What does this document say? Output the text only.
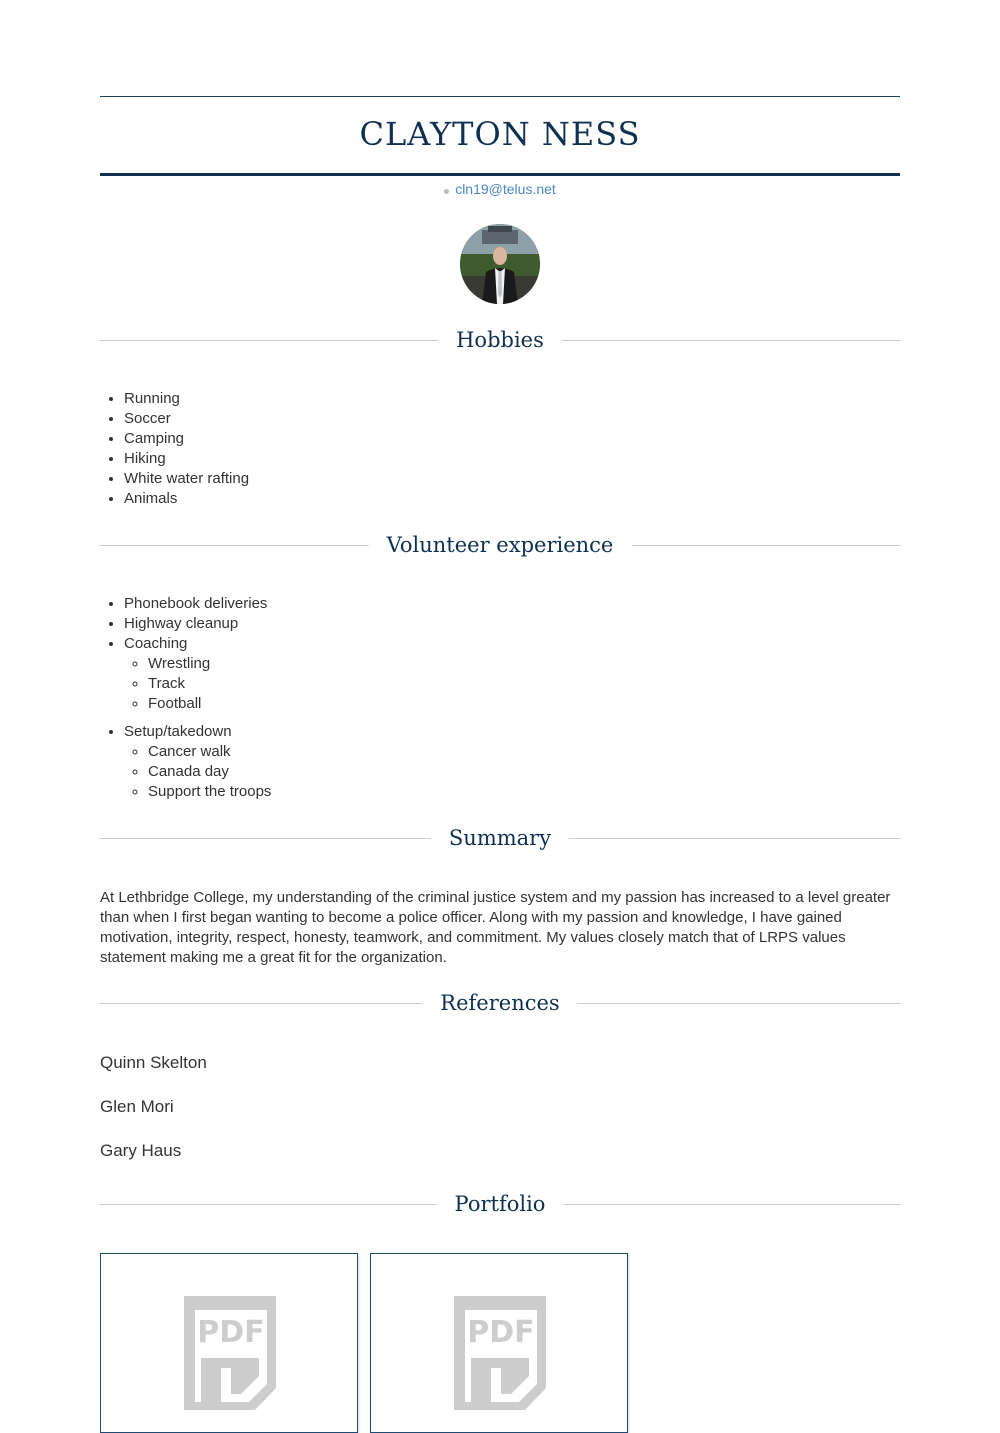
CLAYTON NESS
cln19@telus.net
Hobbies
• Running
• Soccer
• Camping
• Hiking
• White water rafting
• Animals
Volunteer experience
• Phonebook deliveries
• Highway cleanup
• Coaching
◦ Wrestling
◦ Track
◦ Football
• Setup/takedown
◦ Cancer walk
◦ Canada day
◦ Support the troops
Summary

At Lethbridge College, my understanding of the criminal justice system and my passion has increased to a level greater than when I first began wanting to become a police officer. Along with my passion and knowledge, I have gained motivation, integrity, respect, honesty, teamwork, and commitment. My values closely match that of LRPS values statement making me a great fit for the organization.

References
Quinn Skelton
Glen Mori
Gary Haus
Portfolio
PDF	PDF
